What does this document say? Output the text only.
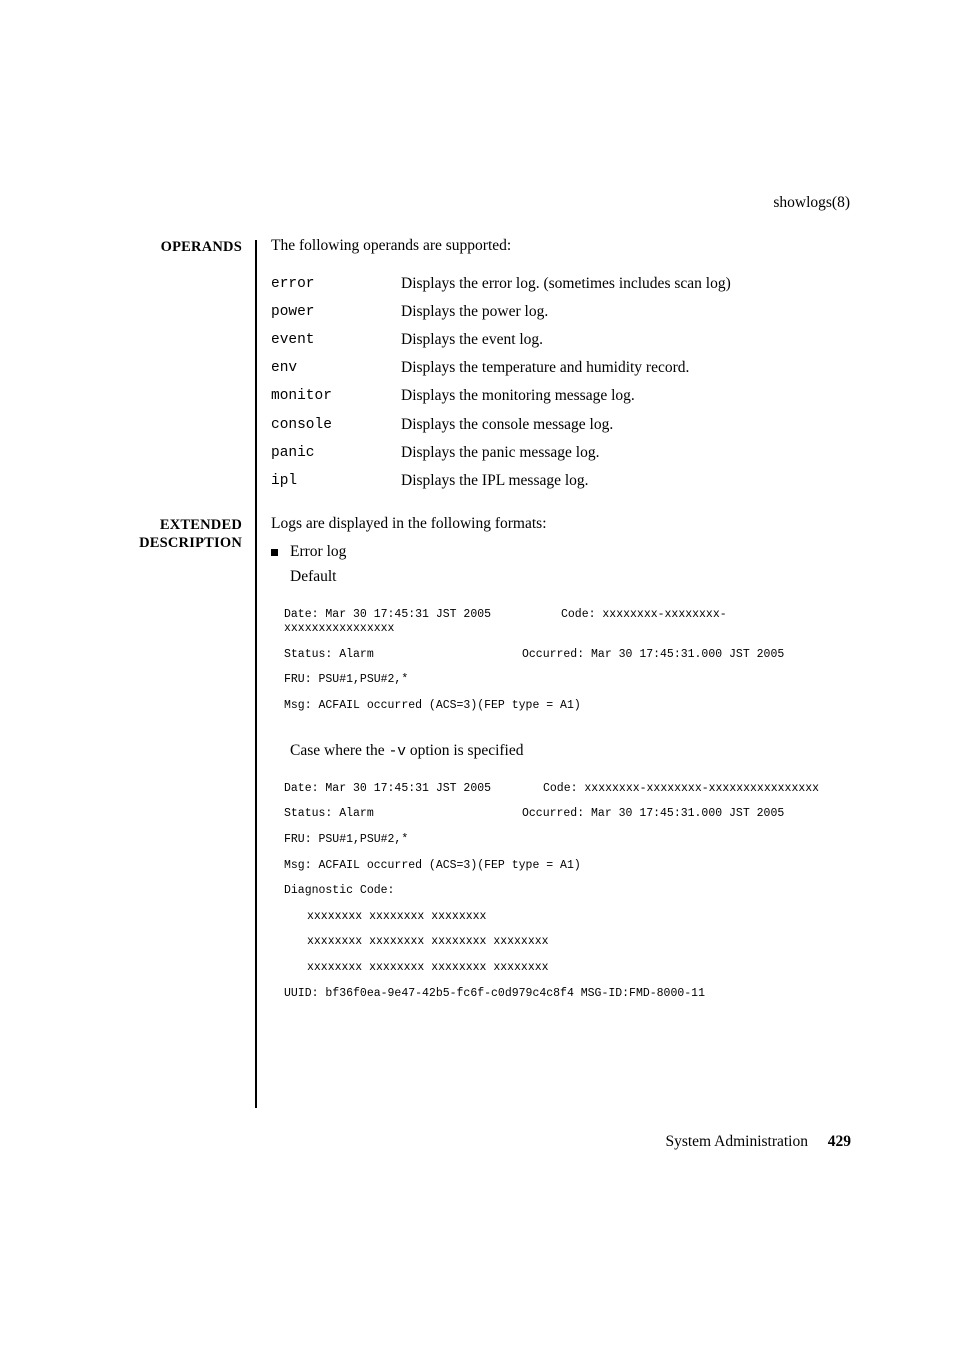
showlogs(8)
OPERANDS The following operands are supported:
error	Displays the error log. (sometimes includes scan log)
power	Displays the power log.
event	Displays the event log.
env	Displays the temperature and humidity record.
monitor	Displays the monitoring message log.
console	Displays the console message log.
panic	Displays the panic message log.
ipl	Displays the IPL message log.
EXTENDED
DESCRIPTION
Logs are displayed in the following formats:
Error log
Default
Date: Mar 30 17:45:31 JST 2005	Code: xxxxxxxx-xxxxxxxx-
xxxxxxxxxxxxxxxx
Status: Alarm	Occurred: Mar 30 17:45:31.000 JST 2005
FRU: PSU#1,PSU#2,*
Msg: ACFAIL occurred (ACS=3)(FEP type = A1)
Case where the -v option is specified
Date: Mar 30 17:45:31 JST 2005	Code: xxxxxxxx-xxxxxxxx-xxxxxxxxxxxxxxxx
Status: Alarm	Occurred: Mar 30 17:45:31.000 JST 2005
FRU: PSU#1,PSU#2,*
Msg: ACFAIL occurred (ACS=3)(FEP type = A1)
Diagnostic Code:
xxxxxxxx xxxxxxxx xxxxxxxx
xxxxxxxx xxxxxxxx xxxxxxxx xxxxxxxx
xxxxxxxx xxxxxxxx xxxxxxxx xxxxxxxx
UUID: bf36f0ea-9e47-42b5-fc6f-c0d979c4c8f4 MSG-ID:FMD-8000-11
System Administration 429
